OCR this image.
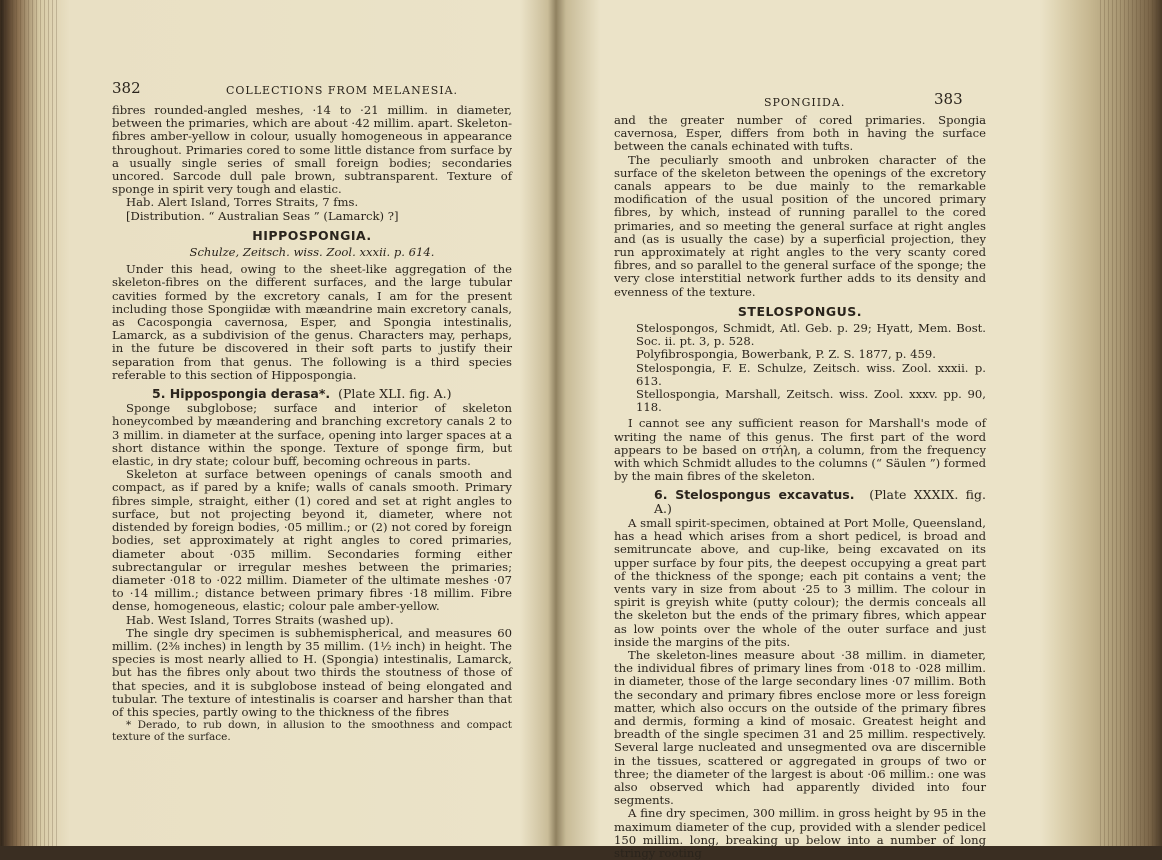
382	COLLECTIONS FROM MELANESIA.

fibres rounded-angled meshes, ·14 to ·21 millim. in diameter, between the primaries, which are about ·42 millim. apart. Skeleton-fibres amber-yellow in colour, usually homogeneous in appearance throughout. Primaries cored to some little distance from surface by a usually single series of small foreign bodies; secondaries uncored. Sarcode dull pale brown, subtransparent. Texture of sponge in spirit very tough and elastic.

Hab. Alert Island, Torres Straits, 7 fms.

[Distribution. “ Australian Seas ” (Lamarck) ?]

HIPPOSPONGIA.

Schulze, Zeitsch. wiss. Zool. xxxii. p. 614.

Under this head, owing to the sheet-like aggregation of the skeleton-fibres on the different surfaces, and the large tubular cavities formed by the excretory canals, I am for the present including those Spongiidæ with mæandrine main excretory canals, as Cacospongia cavernosa, Esper, and Spongia intestinalis, Lamarck, as a subdivision of the genus. Characters may, perhaps, in the future be discovered in their soft parts to justify their separation from that genus. The following is a third species referable to this section of Hippospongia.

5. Hippospongia derasa*. (Plate XLI. fig. A.)

Sponge subglobose; surface and interior of skeleton honeycombed by mæandering and branching excretory canals 2 to 3 millim. in diameter at the surface, opening into larger spaces at a short distance within the sponge. Texture of sponge firm, but elastic, in dry state; colour buff, becoming ochreous in parts.

Skeleton at surface between openings of canals smooth and compact, as if pared by a knife; walls of canals smooth. Primary fibres simple, straight, either (1) cored and set at right angles to surface, but not projecting beyond it, diameter, where not distended by foreign bodies, ·05 millim.; or (2) not cored by foreign bodies, set approximately at right angles to cored primaries, diameter about ·035 millim. Secondaries forming either subrectangular or irregular meshes between the primaries; diameter ·018 to ·022 millim. Diameter of the ultimate meshes ·07 to ·14 millim.; distance between primary fibres ·18 millim. Fibre dense, homogeneous, elastic; colour pale amber-yellow.

Hab. West Island, Torres Straits (washed up).

The single dry specimen is subhemispherical, and measures 60 millim. (2⅜ inches) in length by 35 millim. (1½ inch) in height. The species is most nearly allied to H. (Spongia) intestinalis, Lamarck, but has the fibres only about two thirds the stoutness of those of that species, and it is subglobose instead of being elongated and tubular. The texture of intestinalis is coarser and harsher than that of this species, partly owing to the thickness of the fibres

* Derado, to rub down, in allusion to the smoothness and compact texture of the surface.

SPONGIIDA.	383

and the greater number of cored primaries. Spongia cavernosa, Esper, differs from both in having the surface between the canals echinated with tufts.

The peculiarly smooth and unbroken character of the surface of the skeleton between the openings of the excretory canals appears to be due mainly to the remarkable modification of the usual position of the uncored primary fibres, by which, instead of running parallel to the cored primaries, and so meeting the general surface at right angles and (as is usually the case) by a superficial projection, they run approximately at right angles to the very scanty cored fibres, and so parallel to the general surface of the sponge; the very close interstitial network further adds to its density and evenness of the texture.

STELOSPONGUS.

Stelospongos, Schmidt, Atl. Geb. p. 29; Hyatt, Mem. Bost. Soc. ii. pt. 3, p. 528.

Polyfibrospongia, Bowerbank, P. Z. S. 1877, p. 459.

Stelospongia, F. E. Schulze, Zeitsch. wiss. Zool. xxxii. p. 613.

Stellospongia, Marshall, Zeitsch. wiss. Zool. xxxv. pp. 90, 118.

I cannot see any sufficient reason for Marshall's mode of writing the name of this genus. The first part of the word appears to be based on στήλη, a column, from the frequency with which Schmidt alludes to the columns (“ Säulen ”) formed by the main fibres of the skeleton.

6. Stelospongus excavatus. (Plate XXXIX. fig. A.)

A small spirit-specimen, obtained at Port Molle, Queensland, has a head which arises from a short pedicel, is broad and semitruncate above, and cup-like, being excavated on its upper surface by four pits, the deepest occupying a great part of the thickness of the sponge; each pit contains a vent; the vents vary in size from about ·25 to 3 millim. The colour in spirit is greyish white (putty colour); the dermis conceals all the skeleton but the ends of the primary fibres, which appear as low points over the whole of the outer surface and just inside the margins of the pits.

The skeleton-lines measure about ·38 millim. in diameter, the individual fibres of primary lines from ·018 to ·028 millim. in diameter, those of the large secondary lines ·07 millim. Both the secondary and primary fibres enclose more or less foreign matter, which also occurs on the outside of the primary fibres and dermis, forming a kind of mosaic. Greatest height and breadth of the single specimen 31 and 25 millim. respectively. Several large nucleated and unsegmented ova are discernible in the tissues, scattered or aggregated in groups of two or three; the diameter of the largest is about ·06 millim.: one was also observed which had apparently divided into four segments.

A fine dry specimen, 300 millim. in gross height by 95 in the maximum diameter of the cup, provided with a slender pedicel 150 millim. long, breaking up below into a number of long stringy rooting
